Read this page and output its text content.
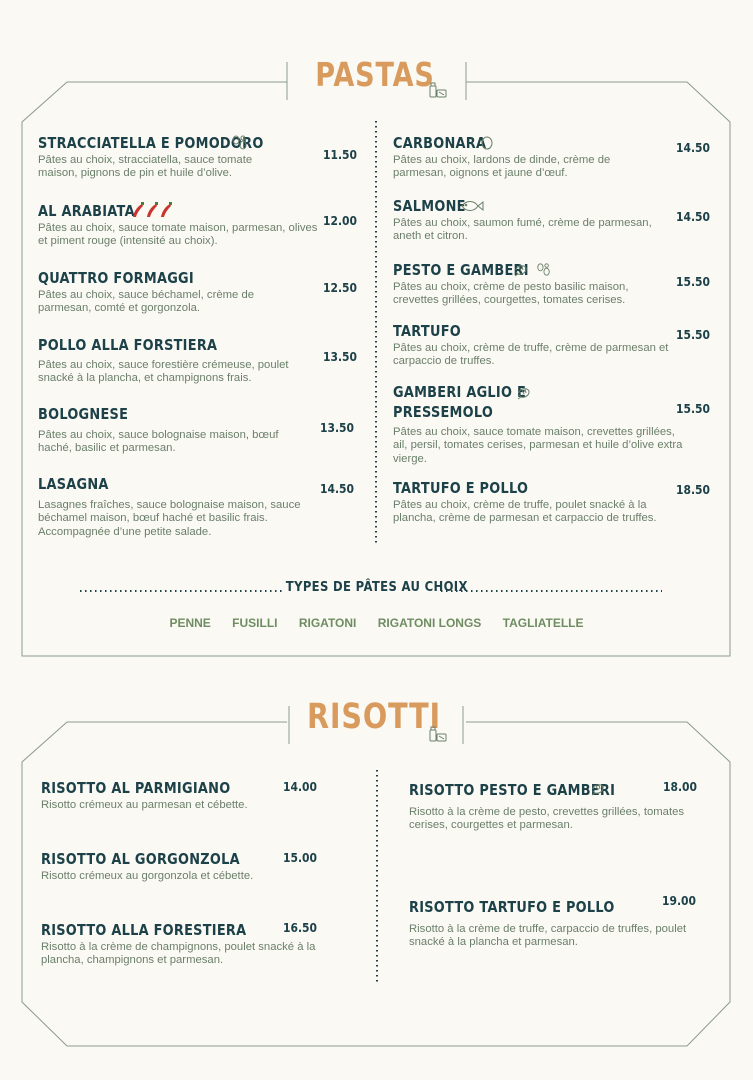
PASTAS
RISOTTI
STRACCIATELLA E POMODORO
Pâtes au choix, stracciatella, sauce tomate maison, pignons de pin et huile d’olive.
11.50
AL ARABIATA
Pâtes au choix, sauce tomate maison, parmesan, olives et piment rouge (intensité au choix).
12.00
QUATTRO FORMAGGI
Pâtes au choix, sauce béchamel, crème de parmesan, comté et gorgonzola.
12.50
POLLO ALLA FORSTIERA
Pâtes au choix, sauce forestière crémeuse, poulet snacké à la plancha, et champignons frais.
13.50
BOLOGNESE
Pâtes au choix, sauce bolognaise maison, bœuf haché, basilic et parmesan.
13.50
LASAGNA
Lasagnes fraîches, sauce bolognaise maison, sauce béchamel maison, bœuf haché et basilic frais. Accompagnée d’une petite salade.
14.50
CARBONARA
Pâtes au choix, lardons de dinde, crème de parmesan, oignons et jaune d’œuf.
14.50
SALMONE
Pâtes au choix, saumon fumé, crème de parmesan, aneth et citron.
14.50
PESTO E GAMBERI
Pâtes au choix, crème de pesto basilic maison, crevettes grillées, courgettes, tomates cerises.
15.50
TARTUFO
Pâtes au choix, crème de truffe, crème de parmesan et carpaccio de truffes.
15.50
GAMBERI AGLIO E
PRESSEMOLO
Pâtes au choix, sauce tomate maison, crevettes grillées, ail, persil, tomates cerises, parmesan et huile d’olive extra vierge.
15.50
TARTUFO E POLLO
Pâtes au choix, crème de truffe, poulet snacké à la plancha, crème de parmesan et carpaccio de truffes.
18.50
TYPES DE PÂTES AU CHOIX
PENNE FUSILLI RIGATONI RIGATONI LONGS TAGLIATELLE
RISOTTO AL PARMIGIANO
Risotto crémeux au parmesan et cébette.
14.00
RISOTTO AL GORGONZOLA
Risotto crémeux au gorgonzola et cébette.
15.00
RISOTTO ALLA FORESTIERA
Risotto à la crème de champignons, poulet snacké à la plancha, champignons et parmesan.
16.50
RISOTTO PESTO E GAMBERI
Risotto à la crème de pesto, crevettes grillées, tomates cerises, courgettes et parmesan.
18.00
RISOTTO TARTUFO E POLLO
Risotto à la crème de truffe, carpaccio de truffes, poulet snacké à la plancha et parmesan.
19.00
